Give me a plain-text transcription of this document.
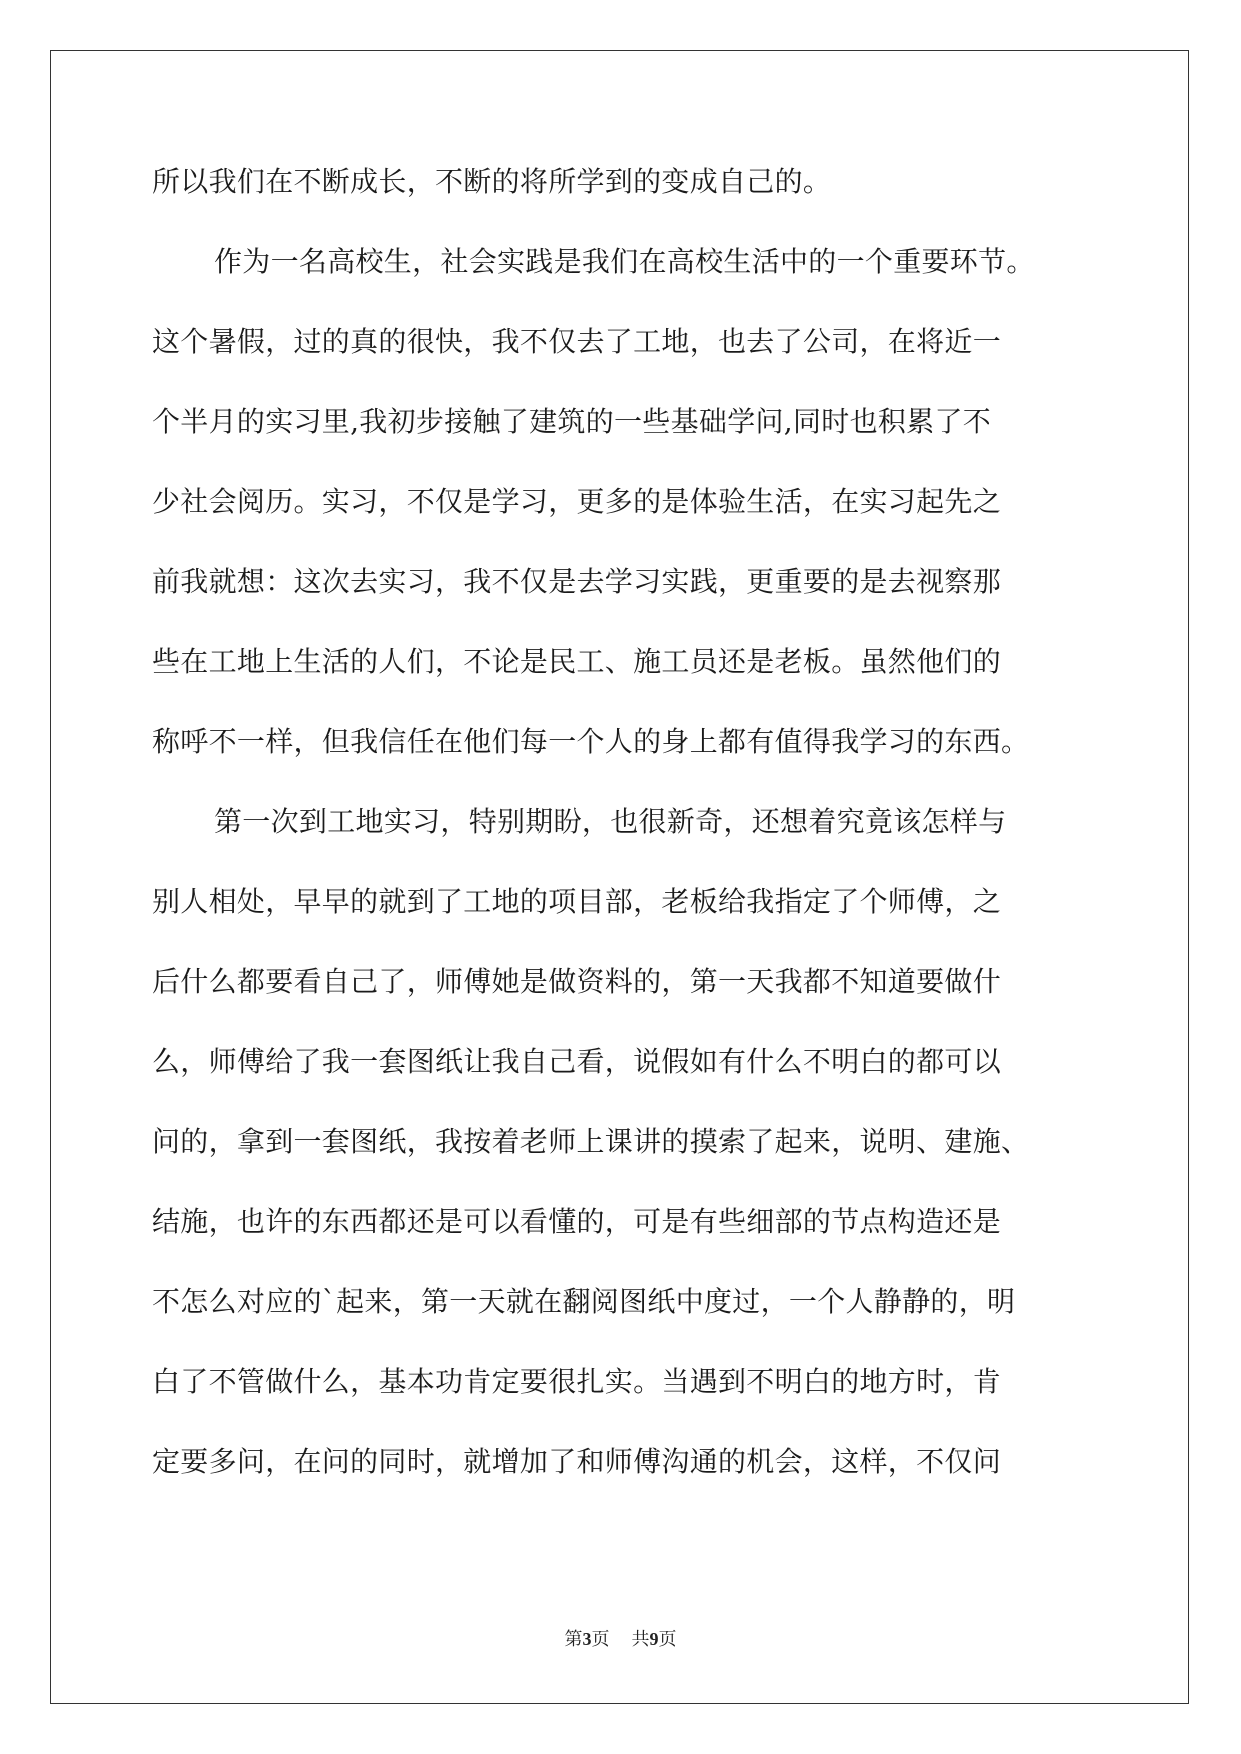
所以我们在不断成长，不断的将所学到的变成自己的。
作为一名高校生，社会实践是我们在高校生活中的一个重要环节。
这个暑假，过的真的很快，我不仅去了工地，也去了公司，在将近一
个半月的实习里,我初步接触了建筑的一些基础学问,同时也积累了不
少社会阅历。实习，不仅是学习，更多的是体验生活，在实习起先之
前我就想：这次去实习，我不仅是去学习实践，更重要的是去视察那
些在工地上生活的人们，不论是民工、施工员还是老板。虽然他们的
称呼不一样，但我信任在他们每一个人的身上都有值得我学习的东西。
第一次到工地实习，特别期盼，也很新奇，还想着究竟该怎样与
别人相处，早早的就到了工地的项目部，老板给我指定了个师傅，之
后什么都要看自己了，师傅她是做资料的，第一天我都不知道要做什
么，师傅给了我一套图纸让我自己看，说假如有什么不明白的都可以
问的，拿到一套图纸，我按着老师上课讲的摸索了起来，说明、建施、
结施，也许的东西都还是可以看懂的，可是有些细部的节点构造还是
不怎么对应的`起来，第一天就在翻阅图纸中度过，一个人静静的，明
白了不管做什么，基本功肯定要很扎实。当遇到不明白的地方时，肯
定要多问，在问的同时，就增加了和师傅沟通的机会，这样，不仅问
第3页 共9页
